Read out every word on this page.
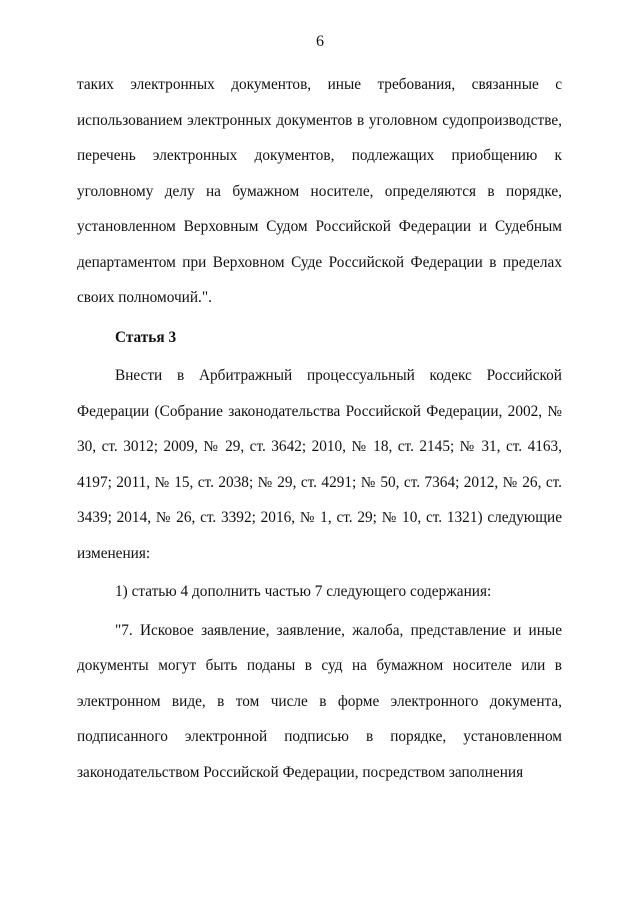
6

таких электронных документов, иные требования, связанные с использованием электронных документов в уголовном судопроизводстве, перечень электронных документов, подлежащих приобщению к уголовному делу на бумажном носителе, определяются в порядке, установленном Верховным Судом Российской Федерации и Судебным департаментом при Верховном Суде Российской Федерации в пределах своих полномочий.".

Статья 3

Внести в Арбитражный процессуальный кодекс Российской Федерации (Собрание законодательства Российской Федерации, 2002, № 30, ст. 3012; 2009, № 29, ст. 3642; 2010, № 18, ст. 2145; № 31, ст. 4163, 4197; 2011, № 15, ст. 2038; № 29, ст. 4291; № 50, ст. 7364; 2012, № 26, ст. 3439; 2014, № 26, ст. 3392; 2016, № 1, ст. 29; № 10, ст. 1321) следующие изменения:

1) статью 4 дополнить частью 7 следующего содержания:

"7. Исковое заявление, заявление, жалоба, представление и иные документы могут быть поданы в суд на бумажном носителе или в электронном виде, в том числе в форме электронного документа, подписанного электронной подписью в порядке, установленном законодательством Российской Федерации, посредством заполнения
